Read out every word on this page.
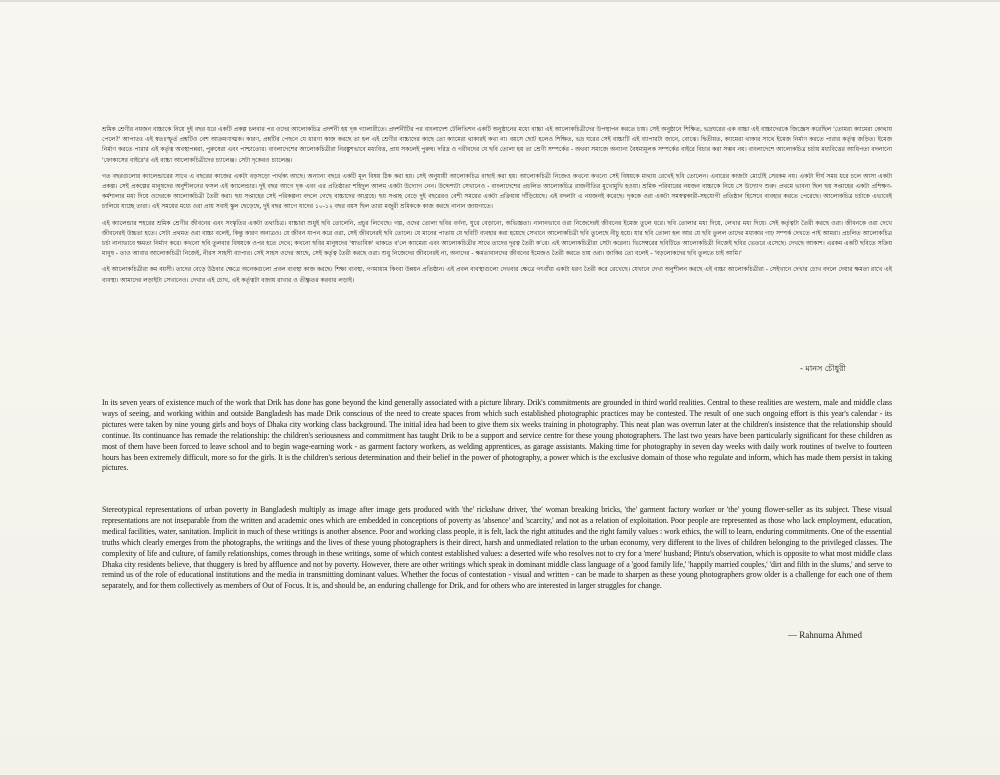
শ্রমিক শ্রেণীর নয়জন বাচ্চাকে নিয়ে দুই বছর ধরে একটি প্রকল্প চলবার পর ওদের আলোকচিত্র প্রদর্শনী হয় দৃক গ্যালারীতে। প্রদর্শনীটির পর বাংলাদেশ টেলিভিশন একটি অনুষ্ঠানের মধ্যে বাচ্চা এই আলোকচিত্রীদের উপস্থাপন করতে চায়। সেই অনুষ্ঠানে শিক্ষিত, ভদ্রঘরের এক বাচ্চা এই বাচ্চাদেরকে জিজ্ঞেস করেছিল 'তোমরা ক্যামেরা কোথায় পেলে?' আপাতঃ এই স্বতঃস্ফূর্ত প্রশ্নটিও বেশ আক্রমণাত্মক। কারণ, প্রশ্নটির পেছনে যে ধারণা কাজ করছে তা হল এই শ্রেণীর বাচ্চাদের কাছে তো ক্যামেরা থাকারই কথা না। বয়সে ছোট হলেও শিক্ষিত, ভদ্র ঘরের সেই বাচ্চাটি এই ব্যাপারটা জানে, বোঝে। দ্বিতীয়ত, ক্যামেরা থাকার সাথে ইমেজ নির্মাণ করতে পারার কর্তৃত্ব জড়িত। ইমেজ নির্মাণ করতে পারার এই কর্তৃত্ব অবস্থাপন্নরা, পুরুষেরা এবং পাশ্চাত্যের। বাংলাদেশের আলোকচিত্রীরা নিরঙ্কুশভাবে মধ্যবিত্ত, প্রায় সকলেই পুরুষ। দরিদ্র ও গরীবদের যে ছবি তোলা হয় তা শ্রেণী সম্পর্কের - অথবা সমাজে অন্যান্য বৈষম্যমূলক সম্পর্কের বাইরে বিচার করা সম্ভব নয়। বাংলাদেশে আলোকচিত্র চর্চায় মধ্যবিত্তের আধিপত্য বদলানো 'ফোকাসের বাইরে'র এই বাচ্চা আলোকচিত্রীদের চ্যালেঞ্জ। সেটা দৃকেরও চ্যালেঞ্জ।

গত বছরগুলোর ক্যালেন্ডারের সাথে এ বছরের কাজের একটা বড়সড়ো পার্থক্য আছে। অন্যান্য বছরে একটি মূল বিষয় ঠিক করা হয়। সেই অনুযায়ী আলোকচিত্র বাছাই করা হয়। আলোকচিত্রী নিজেও কখনো কখনো সেই বিষয়কে মাথায় রেখেই ছবি তোলেন। এবারের কাজটা মোটেই সেরকম নয়। একটা দীর্ঘ সময় ধরে চলে আসা একটা প্রকল্প। সেই প্রকল্পের মানুষদের অনুশীলনের ফসল এই ক্যালেন্ডার। দুই বছর আগে দৃক এবং এর প্রতিষ্ঠাতা শহিদুল আলম একটা উদ্যোগ নেন। উদ্দেশ্যটা সেখানেও - বাংলাদেশের প্রচলিত আলোকচিত্র রাজনীতির মুখোমুখি হওয়া। শ্রমিক পরিবারের নয়জন বাচ্চাকে নিয়ে সে উদ্যোগ শুরু। প্রথমে ভাবনা ছিল ছয় সপ্তাহের একটা প্রশিক্ষণ-কর্মশালার মধ্য দিয়ে ওদেরকে আলোকচিত্রী তৈরী করা। ছয় সপ্তাহের সেই পরিকল্পনা বদলে গেছে বাচ্চাদের আগ্রহে। ছয় সপ্তাহ বেড়ে দুই বছরেরও বেশী সময়ের একটা প্রক্রিয়ায় দাঁড়িয়েছে। এই বদলটা এ নয়জনই করেছে। দৃককে ওরা একটা সমস্বত্বকারী-সহযোগী প্রতিষ্ঠান হিসেবে ব্যবহার করতে পেরেছে। আলোকচিত্র চর্চাকে এভাবেই চালিয়ে যাচ্ছে তারা। এই সময়ের মধ্যে ওরা প্রায় সবাই স্কুল ছেড়েছে, দুই বছর আগে যাদের ১০-১২ বছর বয়স ছিল তারা মজুরী শ্রমিককে কাজ করছে নানান জায়গাতে।

এই ক্যালেন্ডার শহরের শ্রমিক শ্রেণীর জীবনের এবং সংস্কৃতির একটা তথ্যচিত্র। বাচ্চারা শুধুই ছবি তোলেনি, প্রচুর লিখেছে। গল্প, ওদের তোলা ছবির বর্ণনা, ঘুরে বেড়ানো, অভিজ্ঞতা। নানানভাবে ওরা নিজেদেরই জীবনের ইমেজ তুলে ধরে। ছবি তোলার মধ্য দিয়ে, লেখার মধ্য দিয়ে। সেই কর্তৃত্বটা তৈরী করছে ওরা। জীবনকে ওরা দেখে জীবনেরই উচ্চতা হতে। সেটা প্রথমত ওরা বাচ্চা বলেই, কিন্তু কারণ অন্যত্রও। যে জীবন যাপন করে ওরা, সেই জীবনেরই ছবি তোলে। যে মানের পাতায় যে ছবিটি ব্যবহার করা হয়েছে সেখানে আলোকচিত্রী ছবি তুলেছে নীচু হয়ে। যার ছবি তোলা হল আর যে ছবি তুলল তাদের মধ্যকার গাঢ় সম্পর্ক দেখতে পাই আমরা। প্রচলিত আলোকচিত্র চর্চা নানাভাবে ক্ষমতা নির্মাণ করে। কখনো ছবি তুলবার বিষয়কে ওপর হতে দেখে; কখনো ছবির মানুষদের 'স্বাভাবিক' থাকতে ব'লে ক্যামেরা এবং আলোকচিত্রীর সাথে তাদের দূরত্ব তৈরী ক'রে। এই আলোকচিত্রীরা সেটা করেনা। ভিসেম্বরের ছবিটিতে আলোকচিত্রী নিজেই ছবির ভেতরে এসেছে। দেখছে আকাশ। এরকম একটি ছবিতে সক্রিয় মানুষ - তাও আবার আলোকচিত্রী নিজেই, নীরস সাহসী ব্যাপার। সেই সাহস ওদের আছে, সেই কর্তৃত্ব তৈরী করছে ওরা। শুধু নিজেদের জীবনেরই না, অন্যদের - ক্ষমতাবানদের জীবনের ইমেজও তৈরী করতে চায় ওরা। জাকির তো বলেই - 'বড়লোকদের ছবি তুলতে চাই আমি।'

এই আলোকচিত্রীরা কম বয়সী। তাদের বেড়ে উঠবার ক্ষেত্রে অনেকগুলো প্রবল ব্যবস্থা কাজ করছে। শিক্ষা ব্যবস্থা, গণমাধ্যম কিংবা উন্নয়ন প্রতিষ্ঠান। এই প্রবল ব্যবস্থাগুলো দেখবার ক্ষেত্রে গৎবাঁধা একটা ধরণ তৈরী করে রেখেছে। যেখানে দেখা অনুশীলন করছে এই বাচ্চা আলোকচিত্রীরা - সেইখানে দেখার চোখ বদলে দেয়ার ক্ষমতা রাখে এই ব্যবস্থা। আমাদের লড়াইটা সেখানেও। দেখার এই চোখ, এই কর্তৃত্বটা বজায় রাখার ও তীক্ষ্ণতর করবার লড়াই।

- মানস চৌধুরী

In its seven years of existence much of the work that Drik has done has gone beyond the kind generally associated with a picture library. Drik's commitments are grounded in third world realities. Central to these realities are western, male and middle class ways of seeing, and working within and outside Bangladesh has made Drik conscious of the need to create spaces from which such established photographic practices may be contested. The result of one such ongoing effort is this year's calendar - its pictures were taken by nine young girls and boys of Dhaka city working class background. The initial idea had been to give them six weeks training in photography. This neat plan was overrun later at the children's insistence that the relationship should continue. Its continuance has remade the relationship: the children's seriousness and commitment has taught Drik to be a support and service centre for these young photographers. The last two years have been particularly significant for these children as most of them have been forced to leave school and to begin wage-earning work - as garment factory workers, as welding apprentices, as garage assistants. Making time for photography in seven day weeks with daily work routines of twelve to fourteen hours has been extremely difficult, more so for the girls. It is the children's serious determination and their belief in the power of photography, a power which is the exclusive domain of those who regulate and inform, which has made them persist in taking pictures.

Stereotypical representations of urban poverty in Bangladesh multiply as image after image gets produced with 'the' rickshaw driver, 'the' woman breaking bricks, 'the' garment factory worker or 'the' young flower-seller as its subject. These visual representations are not inseparable from the written and academic ones which are embedded in conceptions of poverty as 'absence' and 'scarcity,' and not as a relation of exploitation. Poor people are represented as those who lack employment, education, medical facilities, water, sanitation. Implicit in much of these writings is another absence. Poor and working class people, it is felt, lack the right attitudes and the right family values : work ethics, the will to learn, enduring commitments. One of the essential truths which clearly emerges from the photographs, the writings and the lives of these young photographers is their direct, harsh and unmediated relation to the urban economy, very different to the lives of children belonging to the privileged classes. The complexity of life and culture, of family relationships, comes through in these writings, some of which contest established values: a deserted wife who resolves not to cry for a 'mere' husband; Pintu's observation, which is opposite to what most middle class Dhaka city residents believe, that thuggery is bred by affluence and not by poverty. However, there are other writings which speak in dominant middle class language of a 'good family life,' 'happily married couples,' 'dirt and filth in the slums,' and serve to remind us of the role of educational institutions and the media in transmitting dominant values. Whether the focus of contestation - visual and written - can be made to sharpen as these young photographers grow older is a challenge for each one of them separately, and for them collectively as members of Out of Focus. It is, and should be, an enduring challenge for Drik, and for others who are interested in larger struggles for change.

— Rahnuma Ahmed
